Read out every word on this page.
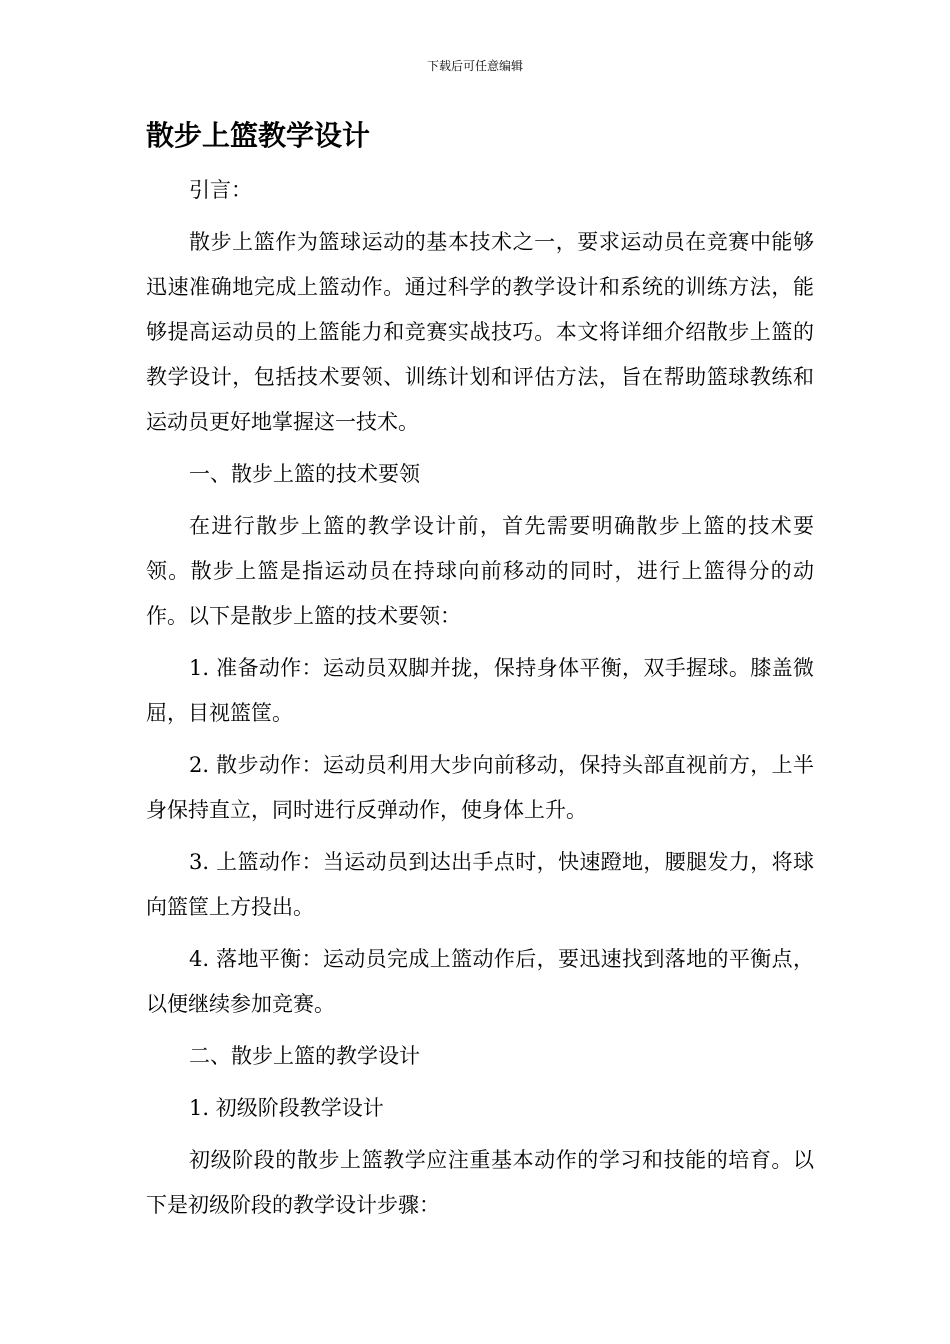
下载后可任意编辑
散步上篮教学设计

引言：

散步上篮作为篮球运动的基本技术之一，要求运动员在竞赛中能够迅速准确地完成上篮动作。通过科学的教学设计和系统的训练方法，能够提高运动员的上篮能力和竞赛实战技巧。本文将详细介绍散步上篮的教学设计，包括技术要领、训练计划和评估方法，旨在帮助篮球教练和运动员更好地掌握这一技术。

一、散步上篮的技术要领

在进行散步上篮的教学设计前，首先需要明确散步上篮的技术要领。散步上篮是指运动员在持球向前移动的同时，进行上篮得分的动作。以下是散步上篮的技术要领：

1. 准备动作：运动员双脚并拢，保持身体平衡，双手握球。膝盖微屈，目视篮筐。

2. 散步动作：运动员利用大步向前移动，保持头部直视前方，上半身保持直立，同时进行反弹动作，使身体上升。

3. 上篮动作：当运动员到达出手点时，快速蹬地，腰腿发力，将球向篮筐上方投出。

4. 落地平衡：运动员完成上篮动作后，要迅速找到落地的平衡点，以便继续参加竞赛。

二、散步上篮的教学设计

1. 初级阶段教学设计

初级阶段的散步上篮教学应注重基本动作的学习和技能的培育。以下是初级阶段的教学设计步骤：
